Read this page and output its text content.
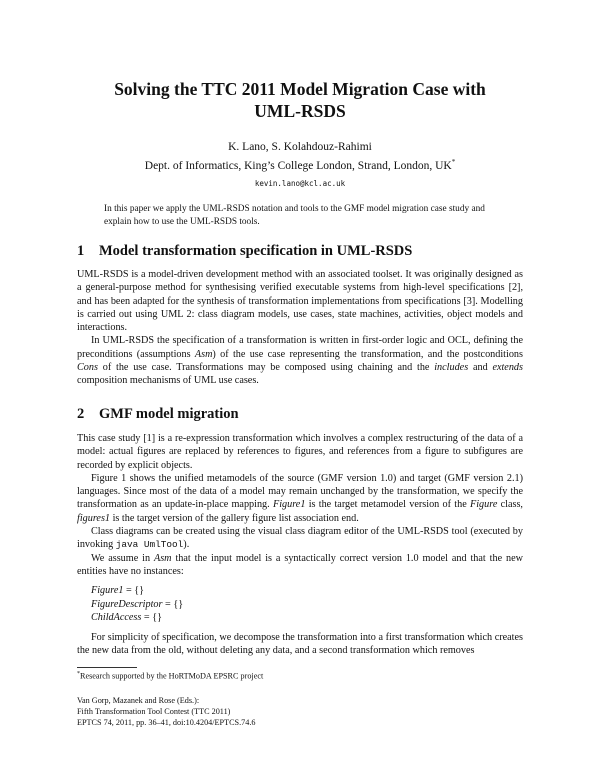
Solving the TTC 2011 Model Migration Case with
UML-RSDS
K. Lano, S. Kolahdouz-Rahimi
Dept. of Informatics, King’s College London, Strand, London, UK*
kevin.lano@kcl.ac.uk

In this paper we apply the UML-RSDS notation and tools to the GMF model migration case study and explain how to use the UML-RSDS tools.

1 Model transformation specification in UML-RSDS

UML-RSDS is a model-driven development method with an associated toolset. It was originally designed as a general-purpose method for synthesising verified executable systems from high-level specifications [2], and has been adapted for the synthesis of transformation implementations from specifications [3]. Modelling is carried out using UML 2: class diagram models, use cases, state machines, activities, object models and interactions.

In UML-RSDS the specification of a transformation is written in first-order logic and OCL, defining the preconditions (assumptions Asm) of the use case representing the transformation, and the postconditions Cons of the use case. Transformations may be composed using chaining and the includes and extends composition mechanisms of UML use cases.

2 GMF model migration

This case study [1] is a re-expression transformation which involves a complex restructuring of the data of a model: actual figures are replaced by references to figures, and references from a figure to subfigures are recorded by explicit objects.

Figure 1 shows the unified metamodels of the source (GMF version 1.0) and target (GMF version 2.1) languages. Since most of the data of a model may remain unchanged by the transformation, we specify the transformation as an update-in-place mapping. Figure1 is the target metamodel version of the Figure class, figures1 is the target version of the gallery figure list association end.

Class diagrams can be created using the visual class diagram editor of the UML-RSDS tool (executed by invoking java UmlTool).

We assume in Asm that the input model is a syntactically correct version 1.0 model and that the new entities have no instances:

Figure1 = {}
FigureDescriptor = {}
ChildAccess = {}

For simplicity of specification, we decompose the transformation into a first transformation which creates the new data from the old, without deleting any data, and a second transformation which removes

*Research supported by the HoRTMoDA EPSRC project
Van Gorp, Mazanek and Rose (Eds.):
Fifth Transformation Tool Contest (TTC 2011)
EPTCS 74, 2011, pp. 36–41, doi:10.4204/EPTCS.74.6
